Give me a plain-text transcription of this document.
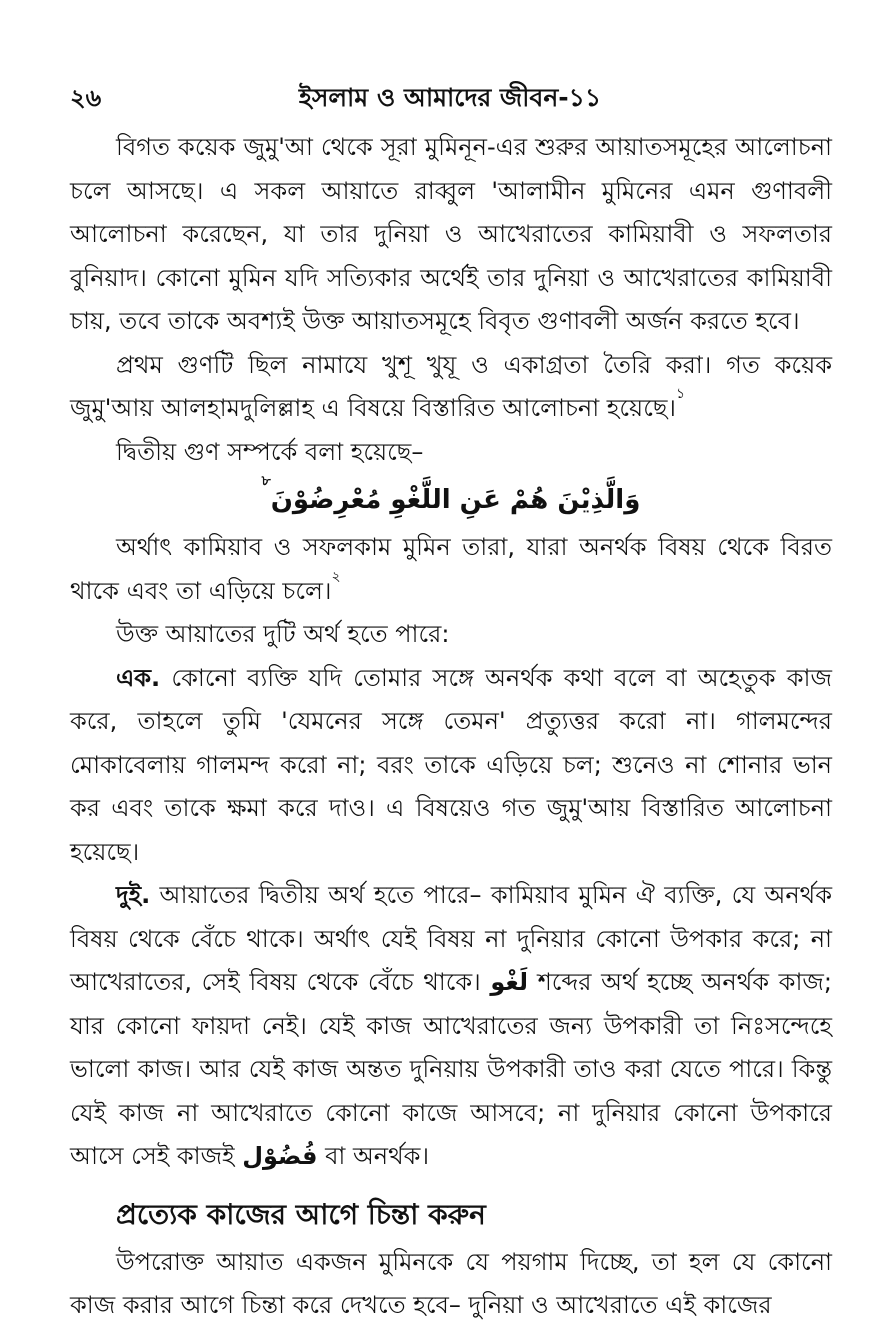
২৬	ইসলাম ও আমাদের জীবন-১১

বিগত কয়েক জুমু'আ থেকে সূরা মুমিনূন-এর শুরুর আয়াতসমূহের আলোচনা চলে আসছে। এ সকল আয়াতে রাব্বুল 'আলামীন মুমিনের এমন গুণাবলী আলোচনা করেছেন, যা তার দুনিয়া ও আখেরাতের কামিয়াবী ও সফলতার বুনিয়াদ। কোনো মুমিন যদি সত্যিকার অর্থেই তার দুনিয়া ও আখেরাতের কামিয়াবী চায়, তবে তাকে অবশ্যই উক্ত আয়াতসমূহে বিবৃত গুণাবলী অর্জন করতে হবে।

প্রথম গুণটি ছিল নামাযে খুশূ খুযূ ও একাগ্রতা তৈরি করা। গত কয়েক জুমু'আয় আলহামদুলিল্লাহ এ বিষয়ে বিস্তারিত আলোচনা হয়েছে।$^১$

দ্বিতীয় গুণ সম্পর্কে বলা হয়েছে–

وَالَّذِيْنَ هُمْ عَنِ اللَّغْوِ مُعْرِضُوْنَ$^৮$

অর্থাৎ কামিয়াব ও সফলকাম মুমিন তারা, যারা অনর্থক বিষয় থেকে বিরত থাকে এবং তা এড়িয়ে চলে।$^২$

উক্ত আয়াতের দুটি অর্থ হতে পারে:

এক. কোনো ব্যক্তি যদি তোমার সঙ্গে অনর্থক কথা বলে বা অহেতুক কাজ করে, তাহলে তুমি 'যেমনের সঙ্গে তেমন' প্রত্যুত্তর করো না। গালমন্দের মোকাবেলায় গালমন্দ করো না; বরং তাকে এড়িয়ে চল; শুনেও না শোনার ভান কর এবং তাকে ক্ষমা করে দাও। এ বিষয়েও গত জুমু'আয় বিস্তারিত আলোচনা হয়েছে।

দুই. আয়াতের দ্বিতীয় অর্থ হতে পারে– কামিয়াব মুমিন ঐ ব্যক্তি, যে অনর্থক বিষয় থেকে বেঁচে থাকে। অর্থাৎ যেই বিষয় না দুনিয়ার কোনো উপকার করে; না আখেরাতের, সেই বিষয় থেকে বেঁচে থাকে। لَغْو শব্দের অর্থ হচ্ছে অনর্থক কাজ; যার কোনো ফায়দা নেই। যেই কাজ আখেরাতের জন্য উপকারী তা নিঃসন্দেহে ভালো কাজ। আর যেই কাজ অন্তত দুনিয়ায় উপকারী তাও করা যেতে পারে। কিন্তু যেই কাজ না আখেরাতে কোনো কাজে আসবে; না দুনিয়ার কোনো উপকারে আসে সেই কাজই فُضُوْل বা অনর্থক।

প্রত্যেক কাজের আগে চিন্তা করুন

উপরোক্ত আয়াত একজন মুমিনকে যে পয়গাম দিচ্ছে, তা হল যে কোনো কাজ করার আগে চিন্তা করে দেখতে হবে– দুনিয়া ও আখেরাতে এই কাজের
